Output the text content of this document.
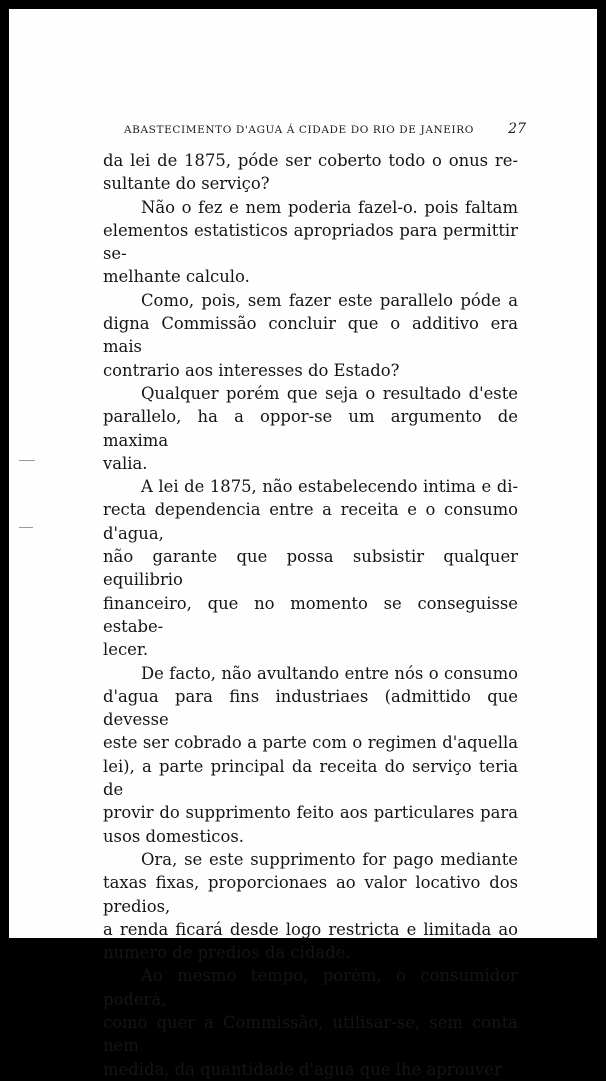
ABASTECIMENTO D'AGUA Á CIDADE DO RIO DE JANEIRO 27
da lei de 1875, póde ser coberto todo o onus re-
sultante do serviço?
Não o fez e nem poderia fazel-o. pois faltam
elementos estatisticos apropriados para permittir se-
melhante calculo.
Como, pois, sem fazer este parallelo póde a
digna Commissão concluir que o additivo era mais
contrario aos interesses do Estado?
Qualquer porém que seja o resultado d'este
parallelo, ha a oppor-se um argumento de maxima
valia.
A lei de 1875, não estabelecendo intima e di-
recta dependencia entre a receita e o consumo d'agua,
não garante que possa subsistir qualquer equilibrio
financeiro, que no momento se conseguisse estabe-
lecer.
De facto, não avultando entre nós o consumo
d'agua para fins industriaes (admittido que devesse
este ser cobrado a parte com o regimen d'aquella
lei), a parte principal da receita do serviço teria de
provir do supprimento feito aos particulares para
usos domesticos.
Ora, se este supprimento for pago mediante
taxas fixas, proporcionaes ao valor locativo dos predios,
a renda ficará desde logo restricta e limitada ao
numero de predios da cidade.
Ao mesmo tempo, porém, o consumidor poderá,
como quer a Commissão, utilisar-se, sem conta nem
medida, da quantidade d'agua que lhe aprouver
